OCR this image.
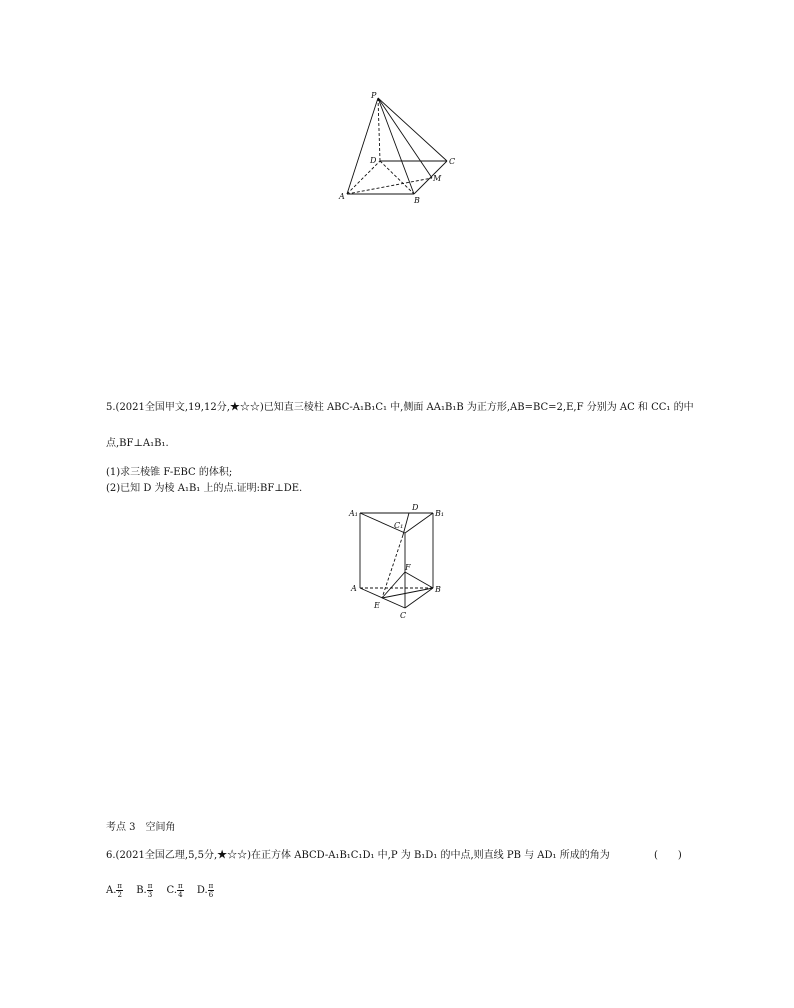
P
D	C
M
A	B
5.(2021全国甲文,19,12分,★☆☆)已知直三棱柱 ABC-A₁B₁C₁ 中,侧面 AA₁B₁B 为正方形,AB=BC=2,E,F 分别为 AC 和 CC₁ 的中
点,BF⊥A₁B₁.
(1)求三棱锥 F-EBC 的体积;
(2)已知 D 为棱 A₁B₁ 上的点.证明:BF⊥DE.
A₁
D
B₁
C₁
F
A	B
E
C
考点 3　空间角
6.(2021全国乙理,5,5分,★☆☆)在正方体 ABCD-A₁B₁C₁D₁ 中,P 为 B₁D₁ 的中点,则直线 PB 与 AD₁ 所成的角为	(　　)
A. $\frac{\pi}{2} B$. $\frac{\pi}{3} C$. $\frac{\pi}{4} D$. $\frac{\pi}{6}$
